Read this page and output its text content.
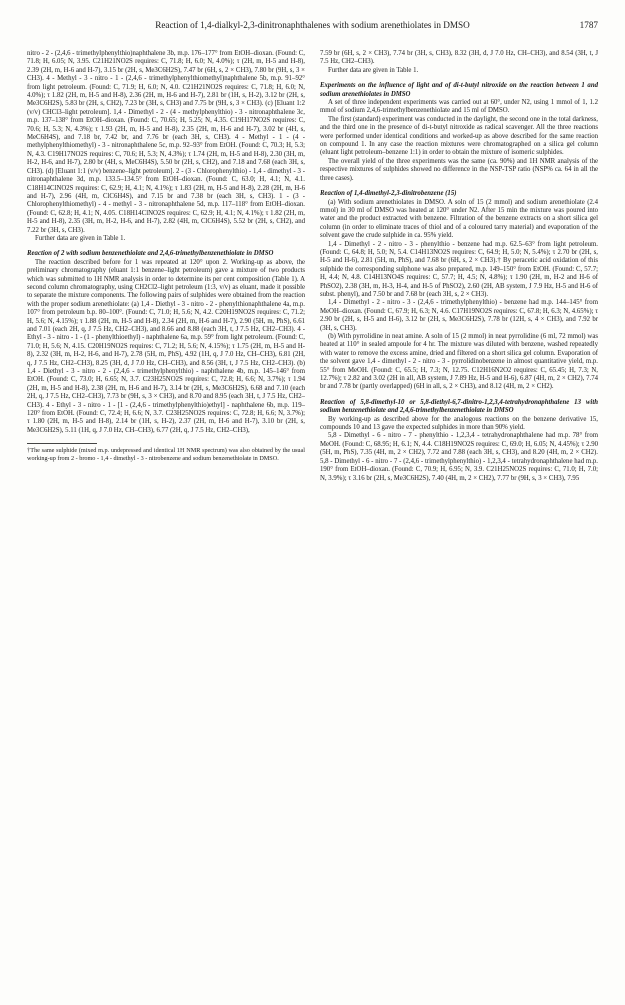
Reaction of 1,4-dialkyl-2,3-dinitronaphthalenes with sodium arenethiolates in DMSO	1787

nitro - 2 - (2,4,6 - trimethylphenylthio)naphthalene 3b, m.p. 176–177° from EtOH–dioxan. (Found: C, 71.8; H, 6.05; N, 3.95. C21H21NO2S requires: C, 71.8; H, 6.0; N, 4.0%); τ (2H, m, H-5 and H-8), 2.39 (2H, m, H-6 and H-7), 3.15 br (2H, s, Me3C6H2S), 7.47 br (6H, s, 2 × CH3), 7.80 br (9H, s, 3 × CH3). 4 - Methyl - 3 - nitro - 1 - (2,4,6 - trimethylphenylthiomethyl)naphthalene 5b, m.p. 91–92° from light petroleum. (Found: C, 71.9; H, 6.0; N, 4.0. C21H21NO2S requires: C, 71.8; H, 6.0; N, 4.0%); τ 1.82 (2H, m, H-5 and H-8), 2.36 (2H, m, H-6 and H-7), 2.81 br (1H, s, H-2), 3.12 br (2H, s, Me3C6H2S), 5.83 br (2H, s, CH2), 7.23 br (3H, s, CH3) and 7.75 br (9H, s, 3 × CH3). (c) [Eluant 1:2 (v/v) CHCl3–light petroleum]. 1,4 - Dimethyl - 2 - (4 - methylphenylthio) - 3 - nitronaphthalene 3c, m.p. 137–138° from EtOH–dioxan. (Found: C, 70.65; H, 5.25; N, 4.35. C19H17NO2S requires: C, 70.6; H, 5.3; N, 4.3%); τ 1.93 (2H, m, H-5 and H-8), 2.35 (2H, m, H-6 and H-7), 3.02 br (4H, s, MeC6H4S), and 7.18 br, 7.42 br, and 7.76 br (each 3H, s, CH3). 4 - Methyl - 1 - (4 - methylphenylthiomethyl) - 3 - nitronaphthalene 5c, m.p. 92–93° from EtOH. (Found: C, 70.3; H, 5.3; N, 4.3. C19H17NO2S requires: C, 70.6; H, 5.3; N, 4.3%); τ 1.74 (2H, m, H-5 and H-8), 2.30 (3H, m, H-2, H-6, and H-7), 2.80 br (4H, s, MeC6H4S), 5.50 br (2H, s, CH2), and 7.18 and 7.68 (each 3H, s, CH3). (d) [Eluant 1:1 (v/v) benzene–light petroleum]. 2 - (3 - Chlorophenylthio) - 1,4 - dimethyl - 3 - nitronaphthalene 3d, m.p. 133.5–134.5° from EtOH–dioxan. (Found: C, 63.0; H, 4.1; N, 4.1. C18H14ClNO2S requires: C, 62.9; H, 4.1; N, 4.1%); τ 1.83 (2H, m, H-5 and H-8), 2.28 (2H, m, H-6 and H-7), 2.96 (4H, m, ClC6H4S), and 7.15 br and 7.38 br (each 3H, s, CH3). 1 - (3 - Chlorophenylthiomethyl) - 4 - methyl - 3 - nitronaphthalene 5d, m.p. 117–118° from EtOH–dioxan. (Found: C, 62.8; H, 4.1; N, 4.05. C18H14ClNO2S requires: C, 62.9; H, 4.1; N, 4.1%); τ 1.82 (2H, m, H-5 and H-8), 2.35 (3H, m, H-2, H-6, and H-7), 2.82 (4H, m, ClC6H4S), 5.52 br (2H, s, CH2), and 7.22 br (3H, s, CH3).

Further data are given in Table 1.

Reaction of 2 with sodium benzenethiolate and 2,4,6-trimethylbenzenethiolate in DMSO

The reaction described before for 1 was repeated at 120° upon 2. Working-up as above, the preliminary chromatography (eluant 1:1 benzene–light petroleum) gave a mixture of two products which was submitted to 1H NMR analysis in order to determine its per cent composition (Table 1). A second column chromatography, using CH2Cl2–light petroleum (1:3, v/v) as eluant, made it possible to separate the mixture components. The following pairs of sulphides were obtained from the reaction with the proper sodium arenethiolate: (a) 1,4 - Diethyl - 3 - nitro - 2 - phenylthionaphthalene 4a, m.p. 107° from petroleum b.p. 80–100°. (Found: C, 71.0; H, 5.6; N, 4.2. C20H19NO2S requires: C, 71.2; H, 5.6; N, 4.15%); τ 1.88 (2H, m, H-5 and H-8), 2.34 (2H, m, H-6 and H-7), 2.90 (5H, m, PhS), 6.61 and 7.01 (each 2H, q, J 7.5 Hz, CH2–CH3), and 8.66 and 8.88 (each 3H, t, J 7.5 Hz, CH2–CH3). 4 - Ethyl - 3 - nitro - 1 - (1 - phenylthioethyl) - naphthalene 6a, m.p. 59° from light petroleum. (Found: C, 71.0; H, 5.6; N, 4.15. C20H19NO2S requires: C, 71.2; H, 5.6; N, 4.15%); τ 1.75 (2H, m, H-5 and H-8), 2.32 (3H, m, H-2, H-6, and H-7), 2.78 (5H, m, PhS), 4.92 (1H, q, J 7.0 Hz, CH–CH3), 6.81 (2H, q, J 7.5 Hz, CH2–CH3), 8.25 (3H, d, J 7.0 Hz, CH–CH3), and 8.56 (3H, t, J 7.5 Hz, CH2–CH3). (b) 1,4 - Diethyl - 3 - nitro - 2 - (2,4,6 - trimethylphenylthio) - naphthalene 4b, m.p. 145–146° from EtOH. (Found: C, 73.0; H, 6.65; N, 3.7. C23H25NO2S requires: C, 72.8; H, 6.6; N, 3.7%); τ 1.94 (2H, m, H-5 and H-8), 2.38 (2H, m, H-6 and H-7), 3.14 br (2H, s, Me3C6H2S), 6.68 and 7.10 (each 2H, q, J 7.5 Hz, CH2–CH3), 7.73 br (9H, s, 3 × CH3), and 8.70 and 8.95 (each 3H, t, J 7.5 Hz, CH2–CH3). 4 - Ethyl - 3 - nitro - 1 - [1 - (2,4,6 - trimethylphenylthio)ethyl] - naphthalene 6b, m.p. 119–120° from EtOH. (Found: C, 72.4; H, 6.6; N, 3.7. C23H25NO2S requires: C, 72.8; H, 6.6; N, 3.7%); τ 1.80 (2H, m, H-5 and H-8), 2.14 br (1H, s, H-2), 2.37 (2H, m, H-6 and H-7), 3.10 br (2H, s, Me3C6H2S), 5.11 (1H, q, J 7.0 Hz, CH–CH3), 6.77 (2H, q, J 7.5 Hz, CH2–CH3),

†The same sulphide (mixed m.p. undepressed and identical 1H NMR spectrum) was also obtained by the usual working-up from 2 - bromo - 1,4 - dimethyl - 3 - nitrobenzene and sodium benzenethiolate in DMSO.

7.59 br (6H, s, 2 × CH3), 7.74 br (3H, s, CH3), 8.32 (3H, d, J 7.0 Hz, CH–CH3), and 8.54 (3H, t, J 7.5 Hz, CH2–CH3).

Further data are given in Table 1.

Experiments on the influence of light and of di-t-butyl nitroxide on the reaction between 1 and sodium arenethiolates in DMSO

A set of three independent experiments was carried out at 60°, under N2, using 1 mmol of 1, 1.2 mmol of sodium 2,4,6-trimethylbenzenethiolate and 15 ml of DMSO.

The first (standard) experiment was conducted in the daylight, the second one in the total darkness, and the third one in the presence of di-t-butyl nitroxide as radical scavenger. All the three reactions were performed under identical conditions and worked-up as above described for the same reaction on compound 1. In any case the reaction mixtures were chromatographed on a silica gel column (eluant light petroleum–benzene 1:1) in order to obtain the mixture of isomeric sulphides.

The overall yield of the three experiments was the same (ca. 90%) and 1H NMR analysis of the respective mixtures of sulphides showed no difference in the NSP-TSP ratio (NSP% ca. 64 in all the three cases).

Reaction of 1,4-dimethyl-2,3-dinitrobenzene (15)

(a) With sodium arenethiolates in DMSO. A soln of 15 (2 mmol) and sodium arenethiolate (2.4 mmol) in 30 ml of DMSO was heated at 120° under N2. After 15 min the mixture was poured into water and the product extracted with benzene. Filtration of the benzene extracts on a short silica gel column (in order to eliminate traces of thiol and of a coloured tarry material) and evaporation of the solvent gave the crude sulphide in ca. 95% yield.

1,4 - Dimethyl - 2 - nitro - 3 - phenylthio - benzene had m.p. 62.5–63° from light petroleum. (Found: C, 64.8; H, 5.0; N, 5.4. C14H13NO2S requires: C, 64.9; H, 5.0; N, 5.4%); τ 2.70 br (2H, s, H-5 and H-6), 2.81 (5H, m, PhS), and 7.68 br (6H, s, 2 × CH3).† By peracetic acid oxidation of this sulphide the corresponding sulphone was also prepared, m.p. 149–150° from EtOH. (Found: C, 57.7; H, 4.4; N, 4.8. C14H13NO4S requires: C, 57.7; H, 4.5; N, 4.8%); τ 1.90 (2H, m, H-2 and H-6 of PhSO2), 2.38 (3H, m, H-3, H-4, and H-5 of PhSO2), 2.60 (2H, AB system, J 7.9 Hz, H-5 and H-6 of subst. phenyl), and 7.50 br and 7.68 br (each 3H, s, 2 × CH3).

1,4 - Dimethyl - 2 - nitro - 3 - (2,4,6 - trimethylphenylthio) - benzene had m.p. 144–145° from MeOH–dioxan. (Found: C, 67.9; H, 6.3; N, 4.6. C17H19NO2S requires: C, 67.8; H, 6.3; N, 4.65%); τ 2.90 br (2H, s, H-5 and H-6), 3.12 br (2H, s, Me3C6H2S), 7.78 br (12H, s, 4 × CH3), and 7.92 br (3H, s, CH3).

(b) With pyrrolidine in neat amine. A soln of 15 (2 mmol) in neat pyrrolidine (6 ml, 72 mmol) was heated at 110° in sealed ampoule for 4 hr. The mixture was diluted with benzene, washed repeatedly with water to remove the excess amine, dried and filtered on a short silica gel column. Evaporation of the solvent gave 1,4 - dimethyl - 2 - nitro - 3 - pyrrolidinobenzene in almost quantitative yield, m.p. 55° from MeOH. (Found: C, 65.5; H, 7.3; N, 12.75. C12H16N2O2 requires: C, 65.45; H, 7.3; N, 12.7%); τ 2.82 and 3.02 (2H in all, AB system, J 7.89 Hz, H-5 and H-6), 6.87 (4H, m, 2 × CH2), 7.74 br and 7.78 br (partly overlapped) (6H in all, s, 2 × CH3), and 8.12 (4H, m, 2 × CH2).

Reaction of 5,8-dimethyl-10 or 5,8-diethyl-6,7-dinitro-1,2,3,4-tetrahydronaphthalene 13 with sodium benzenethiolate and 2,4,6-trimethylbenzenethiolate in DMSO

By working-up as described above for the analogous reactions on the benzene derivative 15, compounds 10 and 13 gave the expected sulphides in more than 90% yield.

5,8 - Dimethyl - 6 - nitro - 7 - phenylthio - 1,2,3,4 - tetrahydronaphthalene had m.p. 78° from MeOH. (Found: C, 68.95; H, 6.1; N, 4.4. C18H19NO2S requires: C, 69.0; H, 6.05; N, 4.45%); τ 2.90 (5H, m, PhS), 7.35 (4H, m, 2 × CH2), 7.72 and 7.88 (each 3H, s, CH3), and 8.20 (4H, m, 2 × CH2). 5,8 - Dimethyl - 6 - nitro - 7 - (2,4,6 - trimethylphenylthio) - 1,2,3,4 - tetrahydronaphthalene had m.p. 190° from EtOH–dioxan. (Found: C, 70.9; H, 6.95; N, 3.9. C21H25NO2S requires: C, 71.0; H, 7.0; N, 3.9%); τ 3.16 br (2H, s, Me3C6H2S), 7.40 (4H, m, 2 × CH2), 7.77 br (9H, s, 3 × CH3), 7.95
